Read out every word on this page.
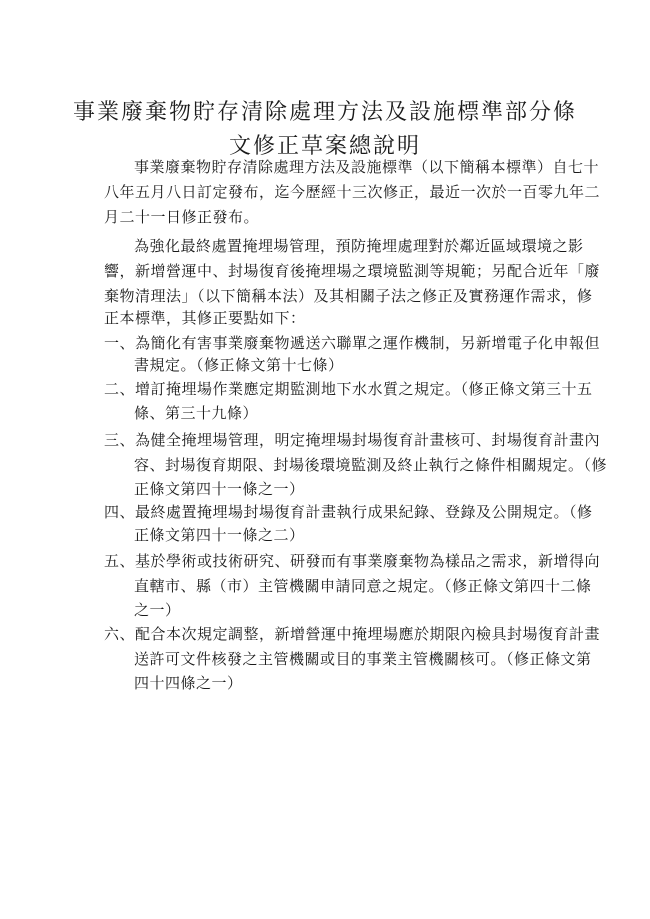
事業廢棄物貯存清除處理方法及設施標準部分條
文修正草案總說明
事業廢棄物貯存清除處理方法及設施標準（以下簡稱本標準）自七十
八年五月八日訂定發布，迄今歷經十三次修正，最近一次於一百零九年二
月二十一日修正發布。
為強化最終處置掩埋場管理，預防掩埋處理對於鄰近區域環境之影
響，新增營運中、封場復育後掩埋場之環境監測等規範；另配合近年「廢
棄物清理法」（以下簡稱本法）及其相關子法之修正及實務運作需求，修
正本標準，其修正要點如下：
一、為簡化有害事業廢棄物遞送六聯單之運作機制，另新增電子化申報但
書規定。（修正條文第十七條）
二、增訂掩埋場作業應定期監測地下水水質之規定。（修正條文第三十五
條、第三十九條）
三、為健全掩埋場管理，明定掩埋場封場復育計畫核可、封場復育計畫內
容、封場復育期限、封場後環境監測及終止執行之條件相關規定。（修
正條文第四十一條之一）
四、最終處置掩埋場封場復育計畫執行成果紀錄、登錄及公開規定。（修
正條文第四十一條之二）
五、基於學術或技術研究、研發而有事業廢棄物為樣品之需求，新增得向
直轄市、縣（市）主管機關申請同意之規定。（修正條文第四十二條
之一）
六、配合本次規定調整，新增營運中掩埋場應於期限內檢具封場復育計畫
送許可文件核發之主管機關或目的事業主管機關核可。（修正條文第
四十四條之一）
